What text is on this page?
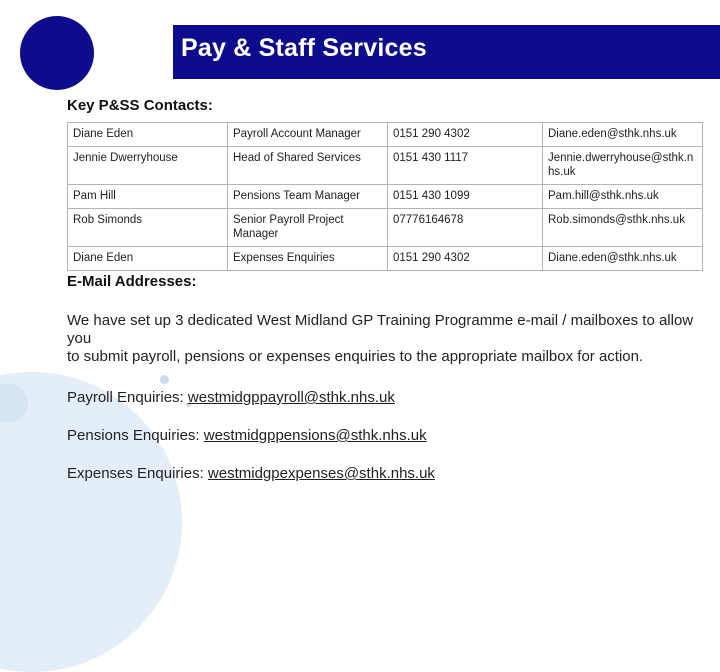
Pay & Staff Services
Key P&SS Contacts:
Diane Eden	Payroll Account Manager	0151 290 4302	Diane.eden@sthk.nhs.uk
Jennie Dwerryhouse	Head of Shared Services	0151 430 1117	Jennie.dwerryhouse@sthk.nhs.uk
Pam Hill	Pensions Team Manager	0151 430 1099	Pam.hill@sthk.nhs.uk
Rob Simonds	Senior Payroll Project Manager	07776164678	Rob.simonds@sthk.nhs.uk
Diane Eden	Expenses Enquiries	0151 290 4302	Diane.eden@sthk.nhs.uk
E-Mail Addresses:
We have set up 3 dedicated West Midland GP Training Programme e-mail / mailboxes to allow you
to submit payroll, pensions or expenses enquiries to the appropriate mailbox for action.
Payroll Enquiries: westmidgppayroll@sthk.nhs.uk
Pensions Enquiries: westmidgppensions@sthk.nhs.uk
Expenses Enquiries: westmidgpexpenses@sthk.nhs.uk
